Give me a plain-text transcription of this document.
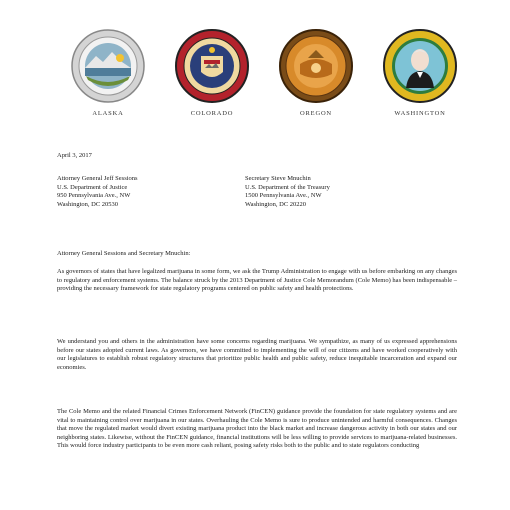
ALASKA	COLORADO	OREGON	WASHINGTON
April 3, 2017
Attorney General Jeff Sessions
U.S. Department of Justice
950 Pennsylvania Ave., NW
Washington, DC 20530
Secretary Steve Mnuchin
U.S. Department of the Treasury
1500 Pennsylvania Ave., NW
Washington, DC 20220
Attorney General Sessions and Secretary Mnuchin:

As governors of states that have legalized marijuana in some form, we ask the Trump Administration to engage with us before embarking on any changes to regulatory and enforcement systems. The balance struck by the 2013 Department of Justice Cole Memorandum (Cole Memo) has been indispensable – providing the necessary framework for state regulatory programs centered on public safety and health protections.

We understand you and others in the administration have some concerns regarding marijuana. We sympathize, as many of us expressed apprehensions before our states adopted current laws. As governors, we have committed to implementing the will of our citizens and have worked cooperatively with our legislatures to establish robust regulatory structures that prioritize public health and public safety, reduce inequitable incarceration and expand our economies.

The Cole Memo and the related Financial Crimes Enforcement Network (FinCEN) guidance provide the foundation for state regulatory systems and are vital to maintaining control over marijuana in our states. Overhauling the Cole Memo is sure to produce unintended and harmful consequences. Changes that move the regulated market would divert existing marijuana product into the black market and increase dangerous activity in both our states and our neighboring states. Likewise, without the FinCEN guidance, financial institutions will be less willing to provide services to marijuana-related businesses. This would force industry participants to be even more cash reliant, posing safety risks both to the public and to state regulators conducting
